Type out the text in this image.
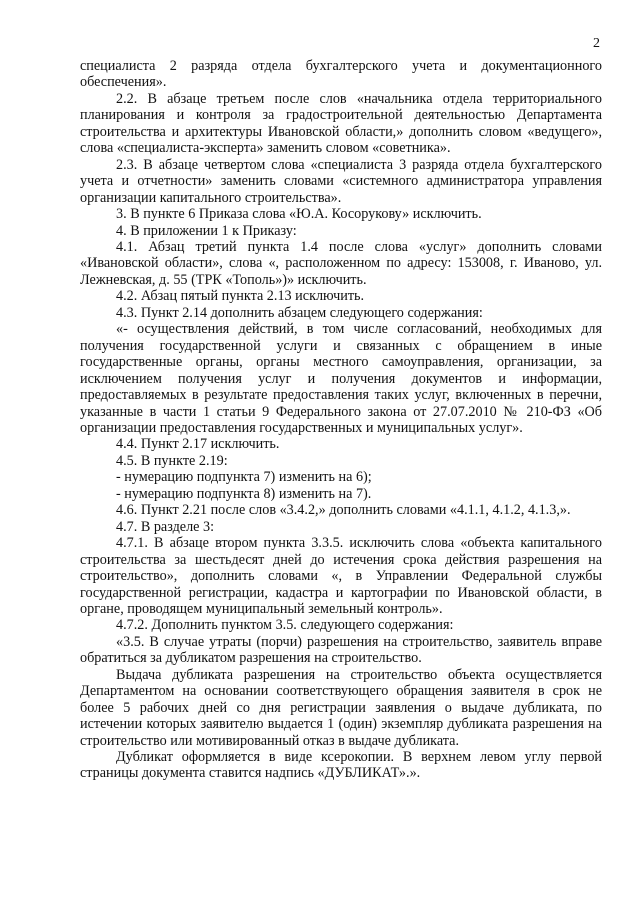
2

специалиста 2 разряда отдела бухгалтерского учета и документационного обеспечения».

2.2. В абзаце третьем после слов «начальника отдела территориального планирования и контроля за градостроительной деятельностью Департамента строительства и архитектуры Ивановской области,» дополнить словом «ведущего», слова «специалиста-эксперта» заменить словом «советника».

2.3. В абзаце четвертом слова «специалиста 3 разряда отдела бухгалтерского учета и отчетности» заменить словами «системного администратора управления организации капитального строительства».

3. В пункте 6 Приказа слова «Ю.А. Косорукову» исключить.

4. В приложении 1 к Приказу:

4.1. Абзац третий пункта 1.4 после слова «услуг» дополнить словами «Ивановской области», слова «, расположенном по адресу: 153008, г. Иваново, ул. Лежневская, д. 55 (ТРК «Тополь»)» исключить.

4.2. Абзац пятый пункта 2.13 исключить.

4.3. Пункт 2.14 дополнить абзацем следующего содержания:

«- осуществления действий, в том числе согласований, необходимых для получения государственной услуги и связанных с обращением в иные государственные органы, органы местного самоуправления, организации, за исключением получения услуг и получения документов и информации, предоставляемых в результате предоставления таких услуг, включенных в перечни, указанные в части 1 статьи 9 Федерального закона от 27.07.2010 № 210-ФЗ «Об организации предоставления государственных и муниципальных услуг».

4.4. Пункт 2.17 исключить.

4.5. В пункте 2.19:

- нумерацию подпункта 7) изменить на 6);

- нумерацию подпункта 8) изменить на 7).

4.6. Пункт 2.21 после слов «3.4.2,» дополнить словами «4.1.1, 4.1.2, 4.1.3,».

4.7. В разделе 3:

4.7.1. В абзаце втором пункта 3.3.5. исключить слова «объекта капитального строительства за шестьдесят дней до истечения срока действия разрешения на строительство», дополнить словами «, в Управлении Федеральной службы государственной регистрации, кадастра и картографии по Ивановской области, в органе, проводящем муниципальный земельный контроль».

4.7.2. Дополнить пунктом 3.5. следующего содержания:

«3.5. В случае утраты (порчи) разрешения на строительство, заявитель вправе обратиться за дубликатом разрешения на строительство.

Выдача дубликата разрешения на строительство объекта осуществляется Департаментом на основании соответствующего обращения заявителя в срок не более 5 рабочих дней со дня регистрации заявления о выдаче дубликата, по истечении которых заявителю выдается 1 (один) экземпляр дубликата разрешения на строительство или мотивированный отказ в выдаче дубликата.

Дубликат оформляется в виде ксерокопии. В верхнем левом углу первой страницы документа ставится надпись «ДУБЛИКАТ».».
